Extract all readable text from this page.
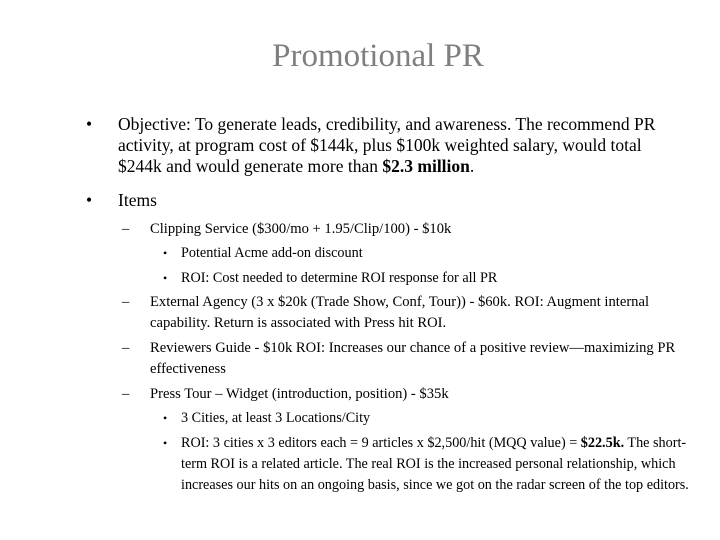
Promotional PR
• Objective: To generate leads, credibility, and awareness. The recommend PR activity, at program cost of $144k, plus $100k weighted salary, would total $244k and would generate more than $2.3 million.
• Items
– Clipping Service ($300/mo + 1.95/Clip/100) - $10k
• Potential Acme add-on discount
• ROI: Cost needed to determine ROI response for all PR
– External Agency (3 x $20k (Trade Show, Conf, Tour)) - $60k. ROI: Augment internal capability. Return is associated with Press hit ROI.
– Reviewers Guide - $10k ROI: Increases our chance of a positive review—maximizing PR effectiveness
– Press Tour – Widget (introduction, position) - $35k
• 3 Cities, at least 3 Locations/City
• ROI: 3 cities x 3 editors each = 9 articles x $2,500/hit (MQQ value) = $22.5k. The short-term ROI is a related article. The real ROI is the increased personal relationship, which increases our hits on an ongoing basis, since we got on the radar screen of the top editors.
